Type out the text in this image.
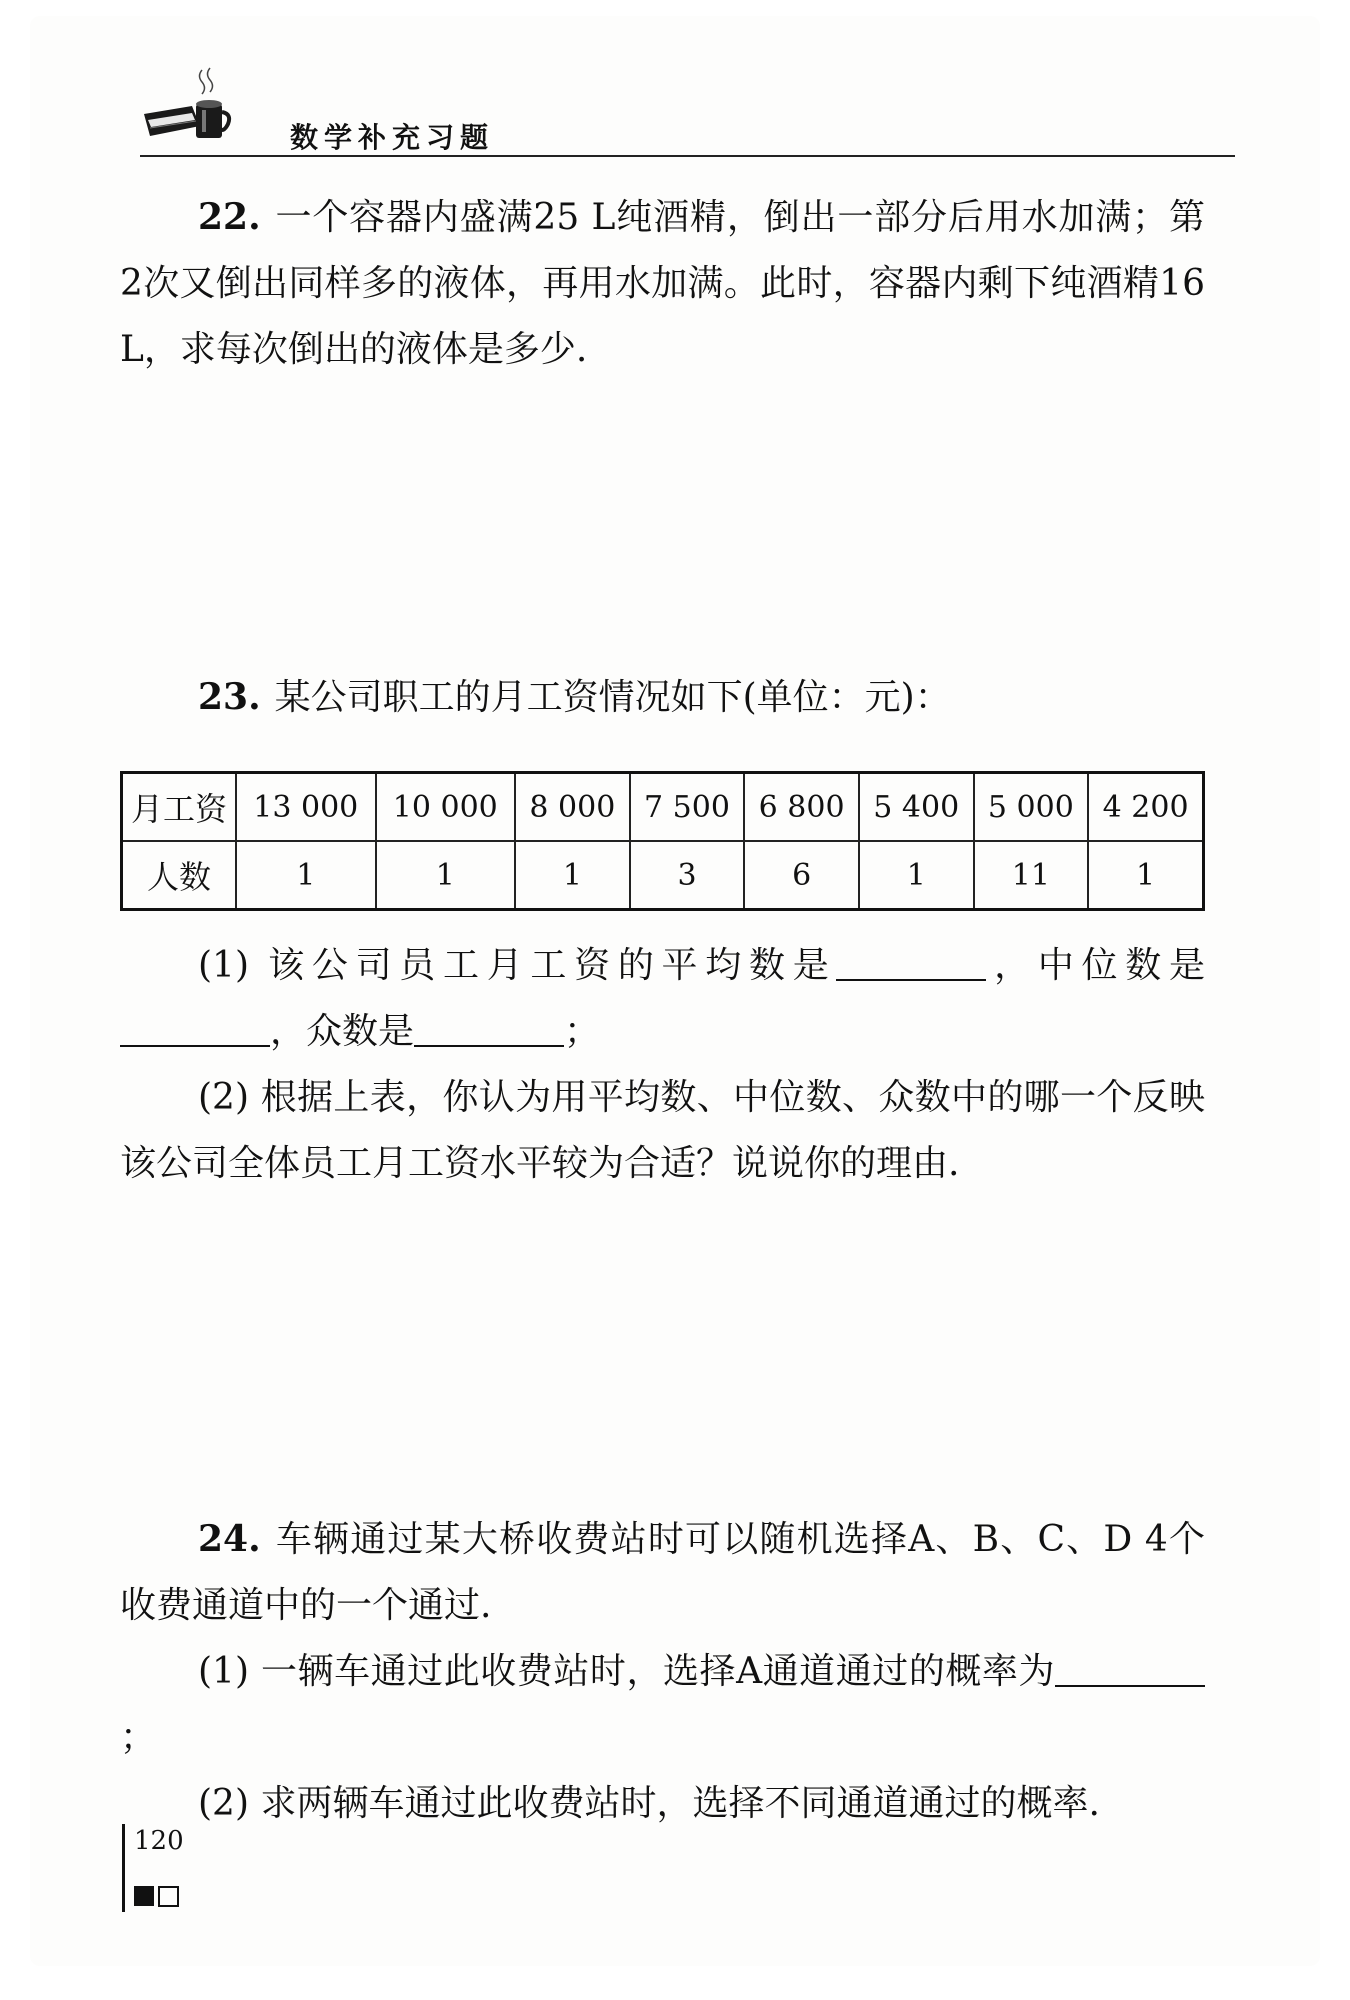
数学补充习题

22. 一个容器内盛满25 L纯酒精，倒出一部分后用水加满；第2次又倒出同样多的液体，再用水加满。此时，容器内剩下纯酒精16 L，求每次倒出的液体是多少.

23. 某公司职工的月工资情况如下(单位：元)：

月工资	13 000	10 000	8 000	7 500	6 800	5 400	5 000	4 200
人数	1	1	1	3	6	1	11	1

(1) 该公司员工月工资的平均数是	，中位数是，众数是	；

(2) 根据上表，你认为用平均数、中位数、众数中的哪一个反映该公司全体员工月工资水平较为合适？说说你的理由.

24. 车辆通过某大桥收费站时可以随机选择A、B、C、D 4个收费通道中的一个通过.

(1) 一辆车通过此收费站时，选择A通道通过的概率为；

(2) 求两辆车通过此收费站时，选择不同通道通过的概率.

120
